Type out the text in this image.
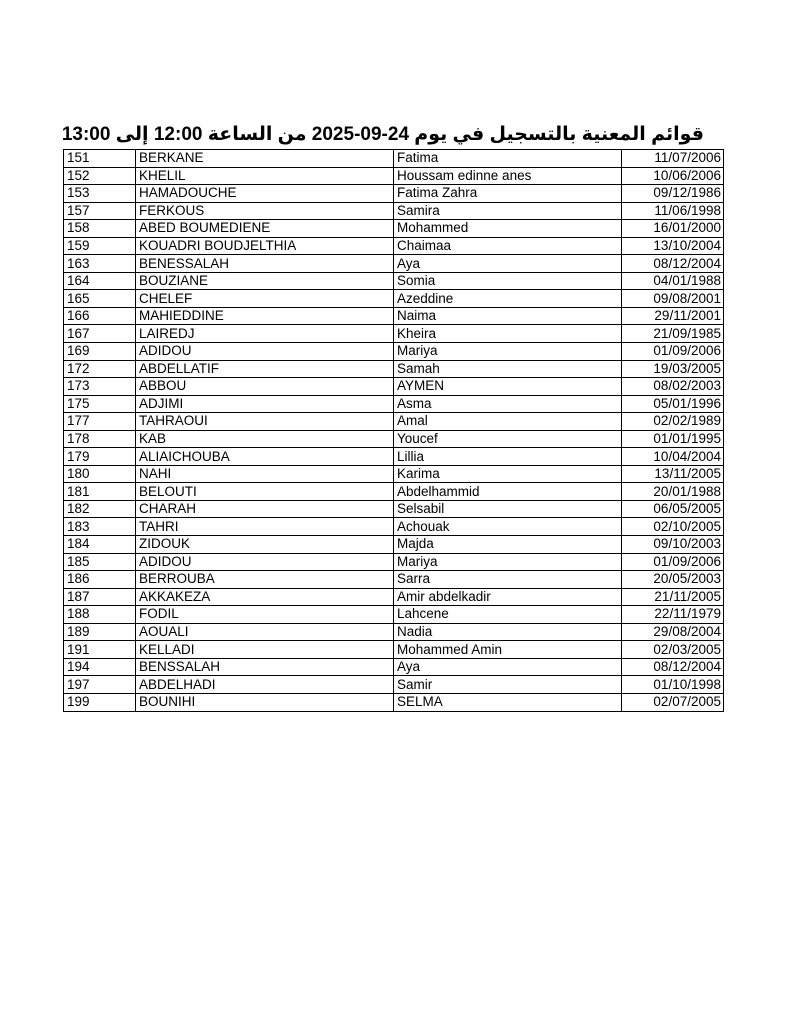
قوائم المعنية بالتسجيل في يوم 24-09-2025 من الساعة 12:00 إلى 13:00
151	BERKANE	Fatima	11/07/2006
152	KHELIL	Houssam edinne anes	10/06/2006
153	HAMADOUCHE	Fatima Zahra	09/12/1986
157	FERKOUS	Samira	11/06/1998
158	ABED BOUMEDIENE	Mohammed	16/01/2000
159	KOUADRI BOUDJELTHIA	Chaimaa	13/10/2004
163	BENESSALAH	Aya	08/12/2004
164	BOUZIANE	Somia	04/01/1988
165	CHELEF	Azeddine	09/08/2001
166	MAHIEDDINE	Naima	29/11/2001
167	LAIREDJ	Kheira	21/09/1985
169	ADIDOU	Mariya	01/09/2006
172	ABDELLATIF	Samah	19/03/2005
173	ABBOU	AYMEN	08/02/2003
175	ADJIMI	Asma	05/01/1996
177	TAHRAOUI	Amal	02/02/1989
178	KAB	Youcef	01/01/1995
179	ALIAICHOUBA	Lillia	10/04/2004
180	NAHI	Karima	13/11/2005
181	BELOUTI	Abdelhammid	20/01/1988
182	CHARAH	Selsabil	06/05/2005
183	TAHRI	Achouak	02/10/2005
184	ZIDOUK	Majda	09/10/2003
185	ADIDOU	Mariya	01/09/2006
186	BERROUBA	Sarra	20/05/2003
187	AKKAKEZA	Amir abdelkadir	21/11/2005
188	FODIL	Lahcene	22/11/1979
189	AOUALI	Nadia	29/08/2004
191	KELLADI	Mohammed Amin	02/03/2005
194	BENSSALAH	Aya	08/12/2004
197	ABDELHADI	Samir	01/10/1998
199	BOUNIHI	SELMA	02/07/2005
